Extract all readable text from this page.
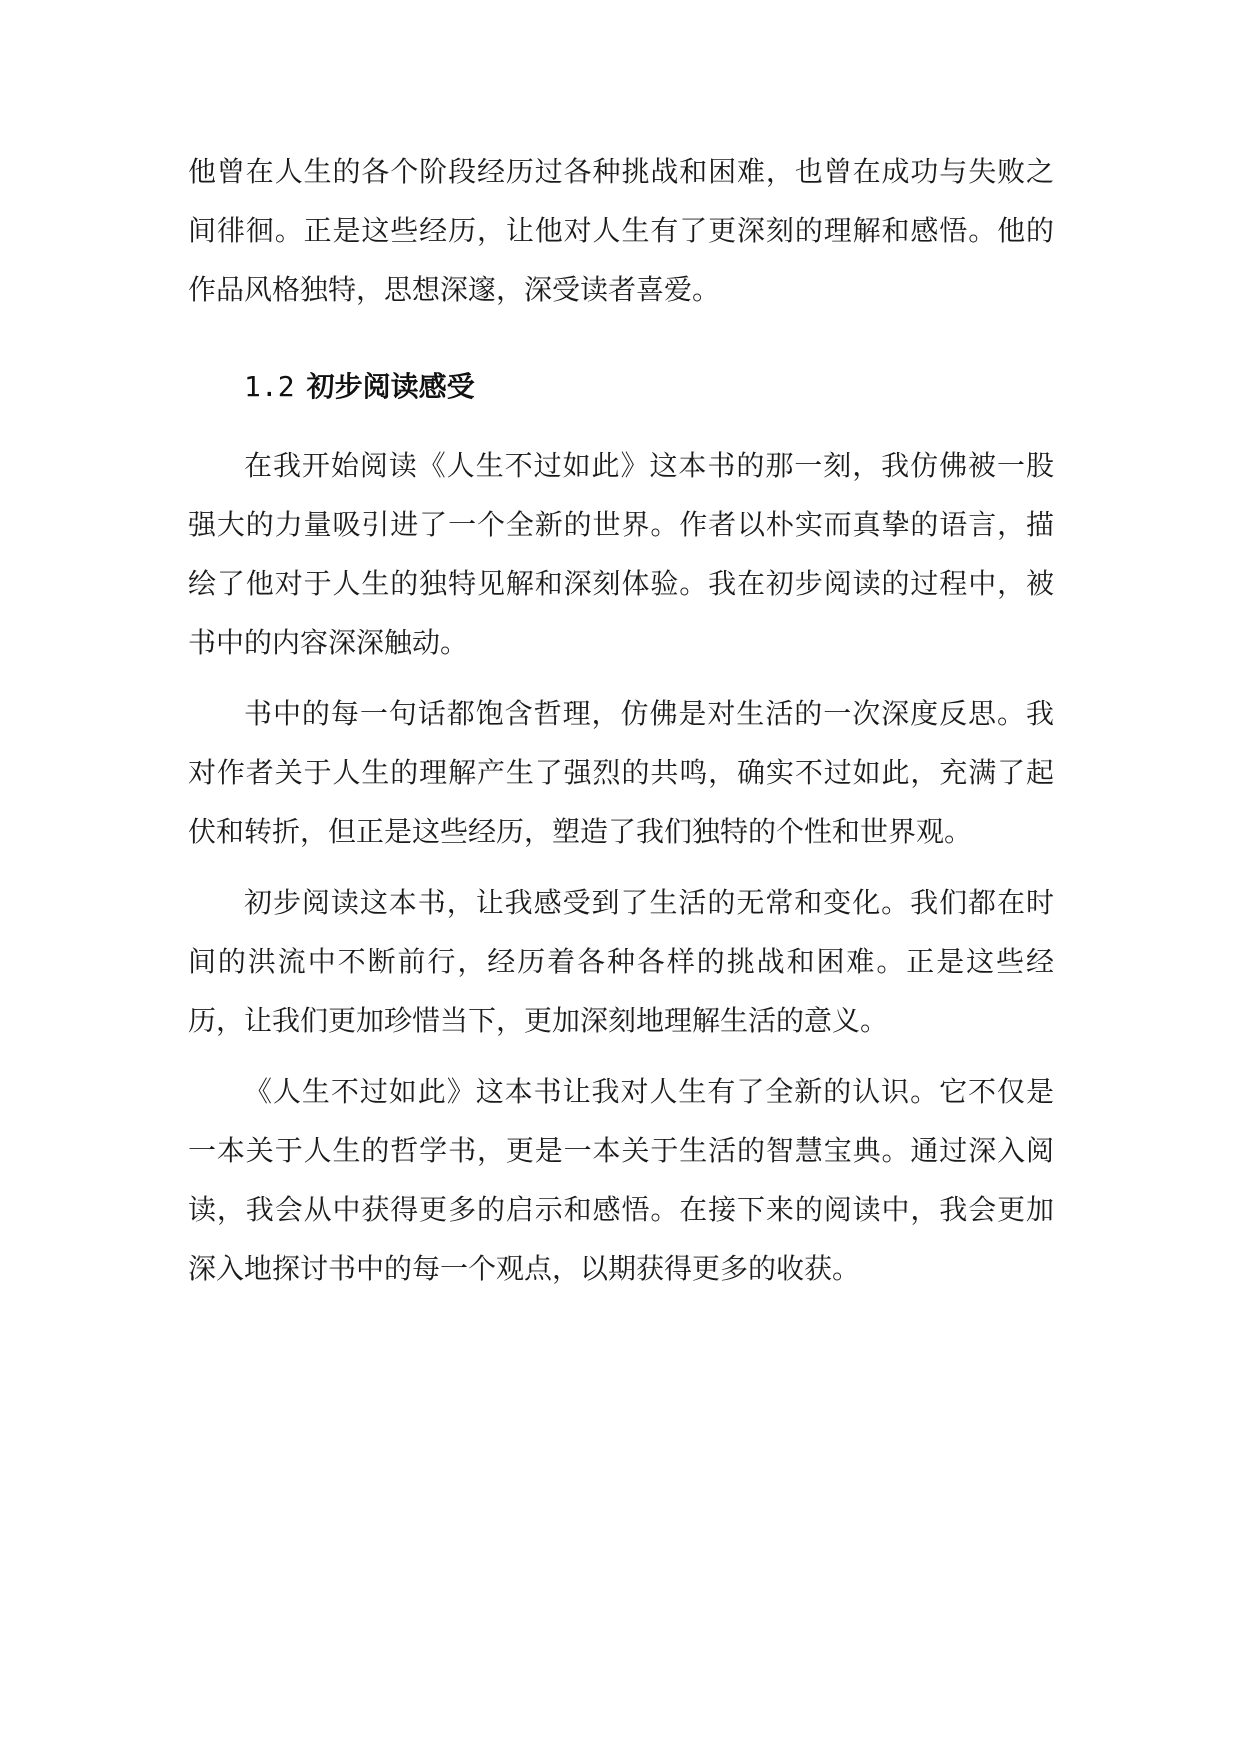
他曾在人生的各个阶段经历过各种挑战和困难，也曾在成功与失败之间徘徊。正是这些经历，让他对人生有了更深刻的理解和感悟。他的作品风格独特，思想深邃，深受读者喜爱。

1.2 初步阅读感受

在我开始阅读《人生不过如此》这本书的那一刻，我仿佛被一股强大的力量吸引进了一个全新的世界。作者以朴实而真挚的语言，描绘了他对于人生的独特见解和深刻体验。我在初步阅读的过程中，被书中的内容深深触动。

书中的每一句话都饱含哲理，仿佛是对生活的一次深度反思。我对作者关于人生的理解产生了强烈的共鸣，确实不过如此，充满了起伏和转折，但正是这些经历，塑造了我们独特的个性和世界观。

初步阅读这本书，让我感受到了生活的无常和变化。我们都在时间的洪流中不断前行，经历着各种各样的挑战和困难。正是这些经历，让我们更加珍惜当下，更加深刻地理解生活的意义。

《人生不过如此》这本书让我对人生有了全新的认识。它不仅是一本关于人生的哲学书，更是一本关于生活的智慧宝典。通过深入阅读，我会从中获得更多的启示和感悟。在接下来的阅读中，我会更加深入地探讨书中的每一个观点，以期获得更多的收获。
